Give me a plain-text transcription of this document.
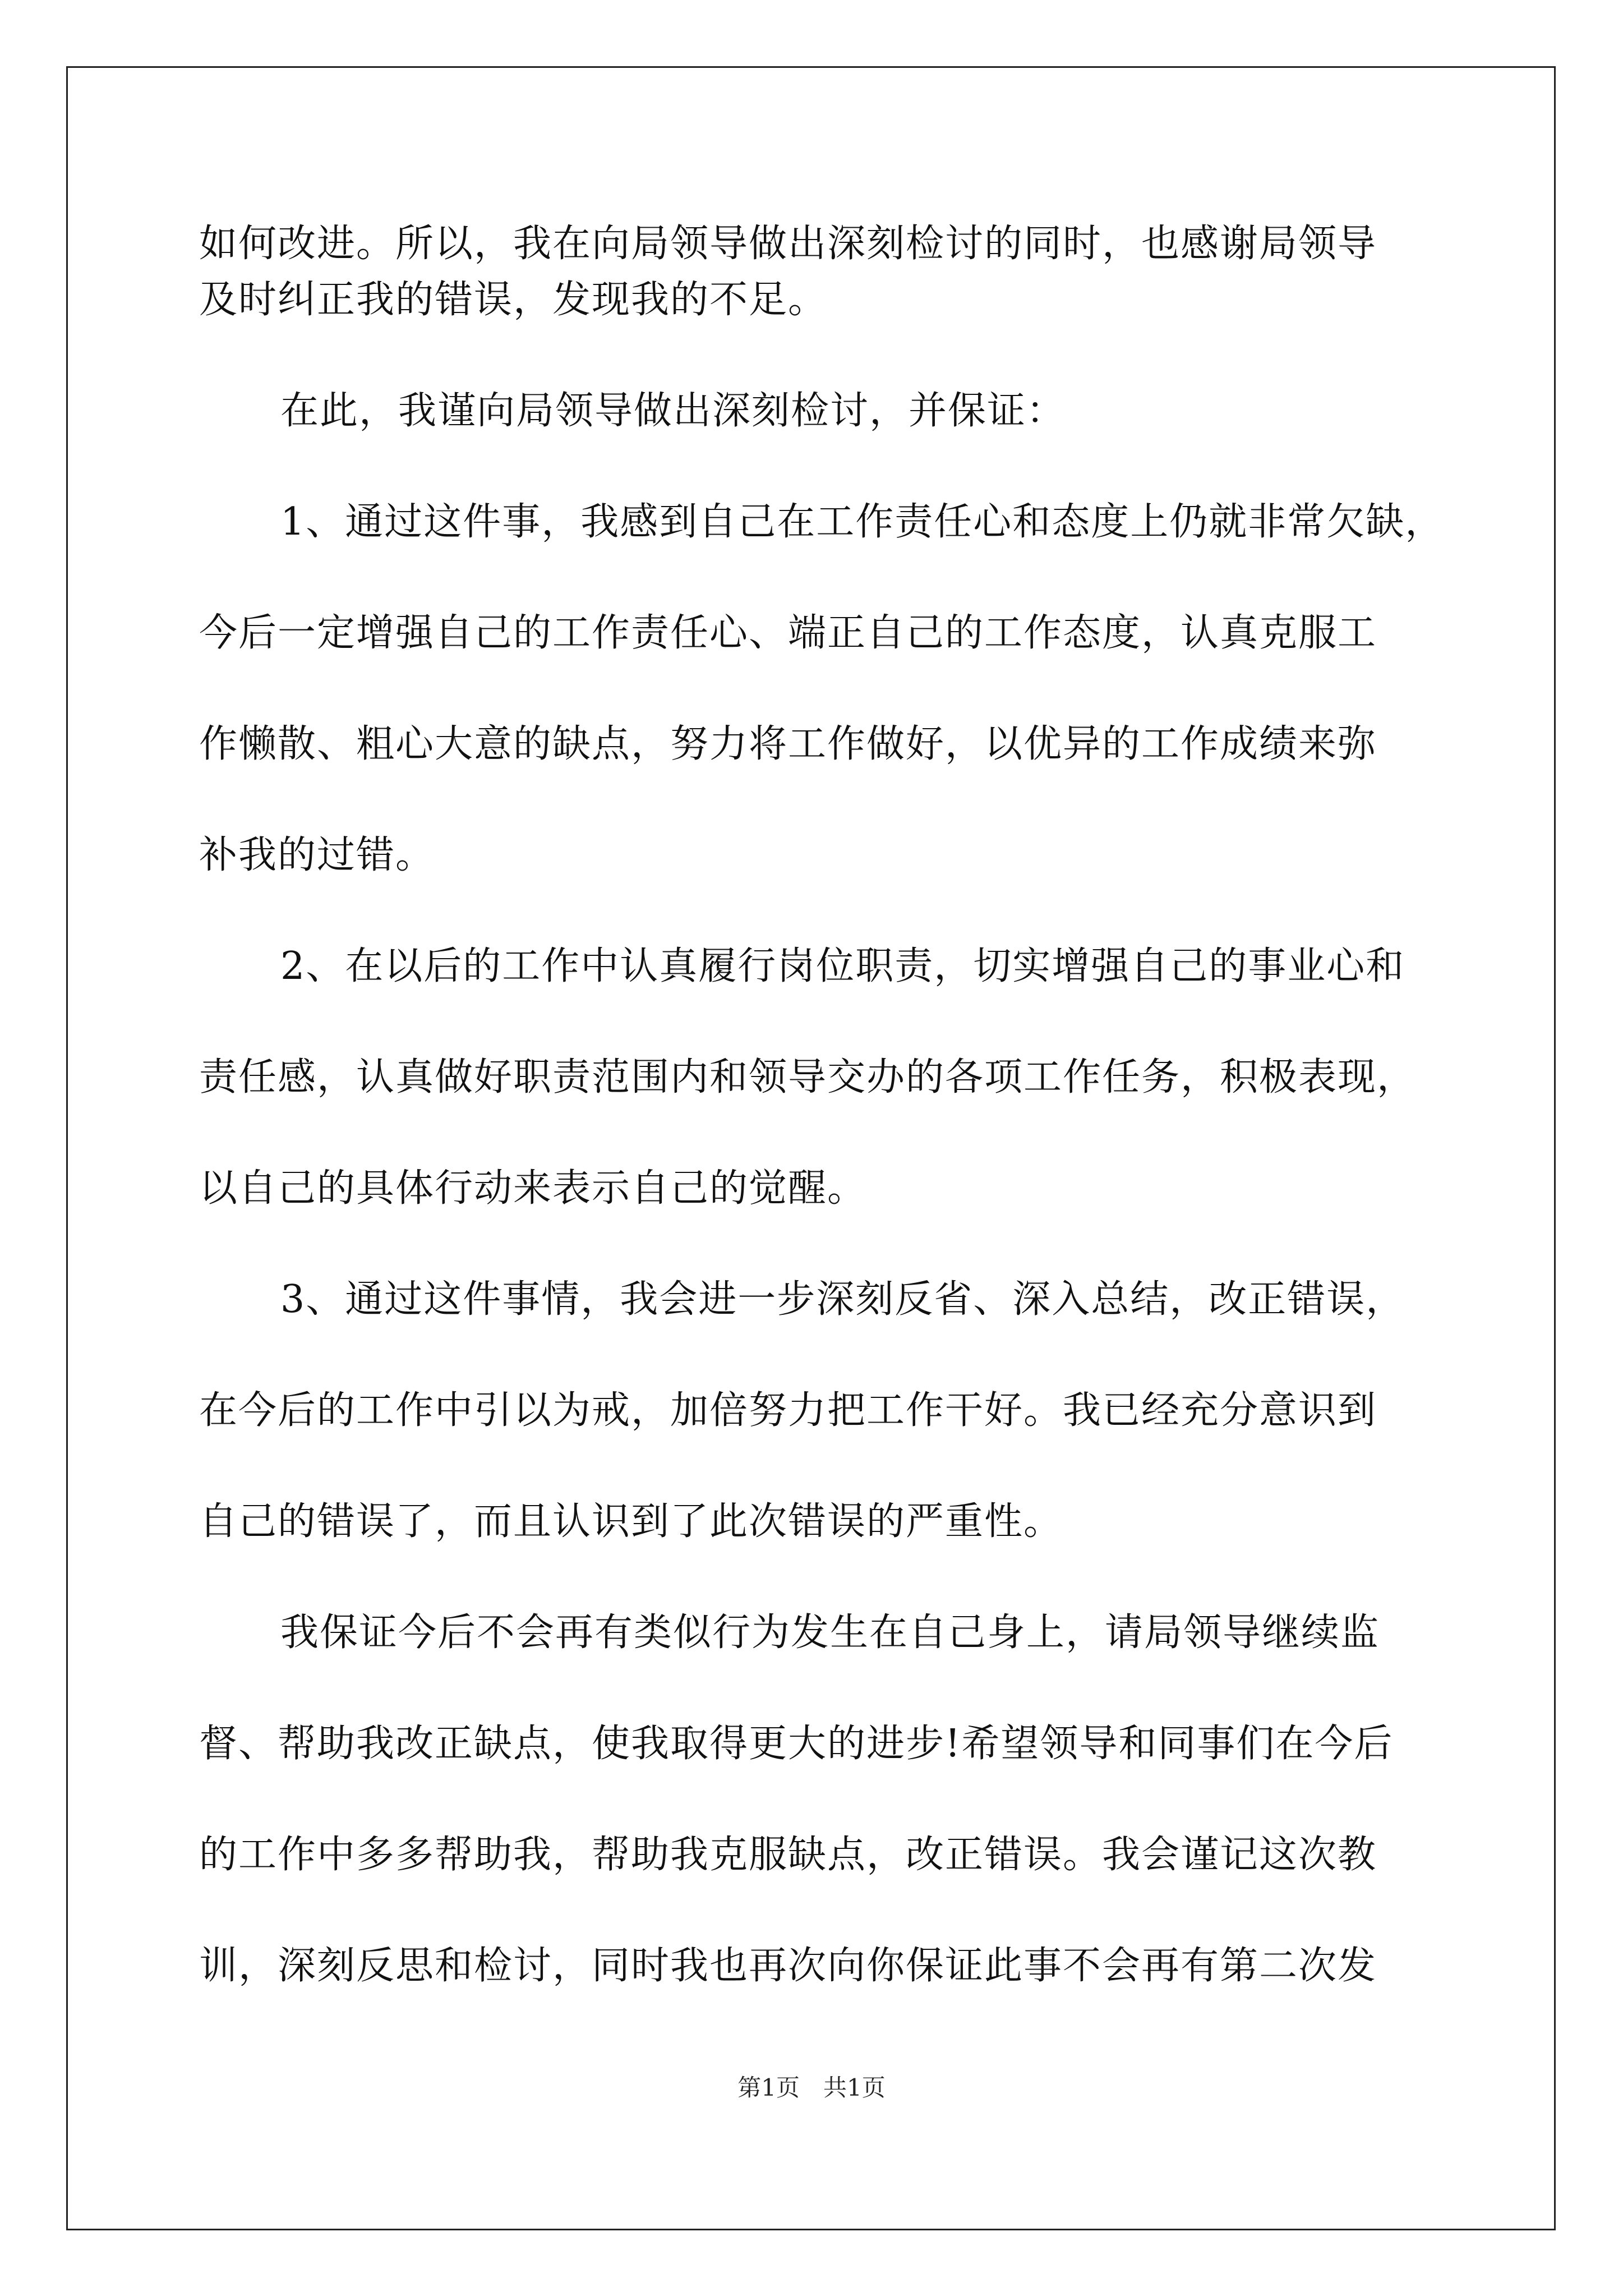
如何改进。所以，我在向局领导做出深刻检讨的同时，也感谢局领导
及时纠正我的错误，发现我的不足。
在此，我谨向局领导做出深刻检讨，并保证：
1、通过这件事，我感到自己在工作责任心和态度上仍就非常欠缺，
今后一定增强自己的工作责任心、端正自己的工作态度，认真克服工
作懒散、粗心大意的缺点，努力将工作做好，以优异的工作成绩来弥
补我的过错。
2、在以后的工作中认真履行岗位职责，切实增强自己的事业心和
责任感，认真做好职责范围内和领导交办的各项工作任务，积极表现，
以自己的具体行动来表示自己的觉醒。
3、通过这件事情，我会进一步深刻反省、深入总结，改正错误，
在今后的工作中引以为戒，加倍努力把工作干好。我已经充分意识到
自己的错误了，而且认识到了此次错误的严重性。
我保证今后不会再有类似行为发生在自己身上，请局领导继续监
督、帮助我改正缺点，使我取得更大的进步!希望领导和同事们在今后
的工作中多多帮助我，帮助我克服缺点，改正错误。我会谨记这次教
训，深刻反思和检讨，同时我也再次向你保证此事不会再有第二次发
第1页　共1页
